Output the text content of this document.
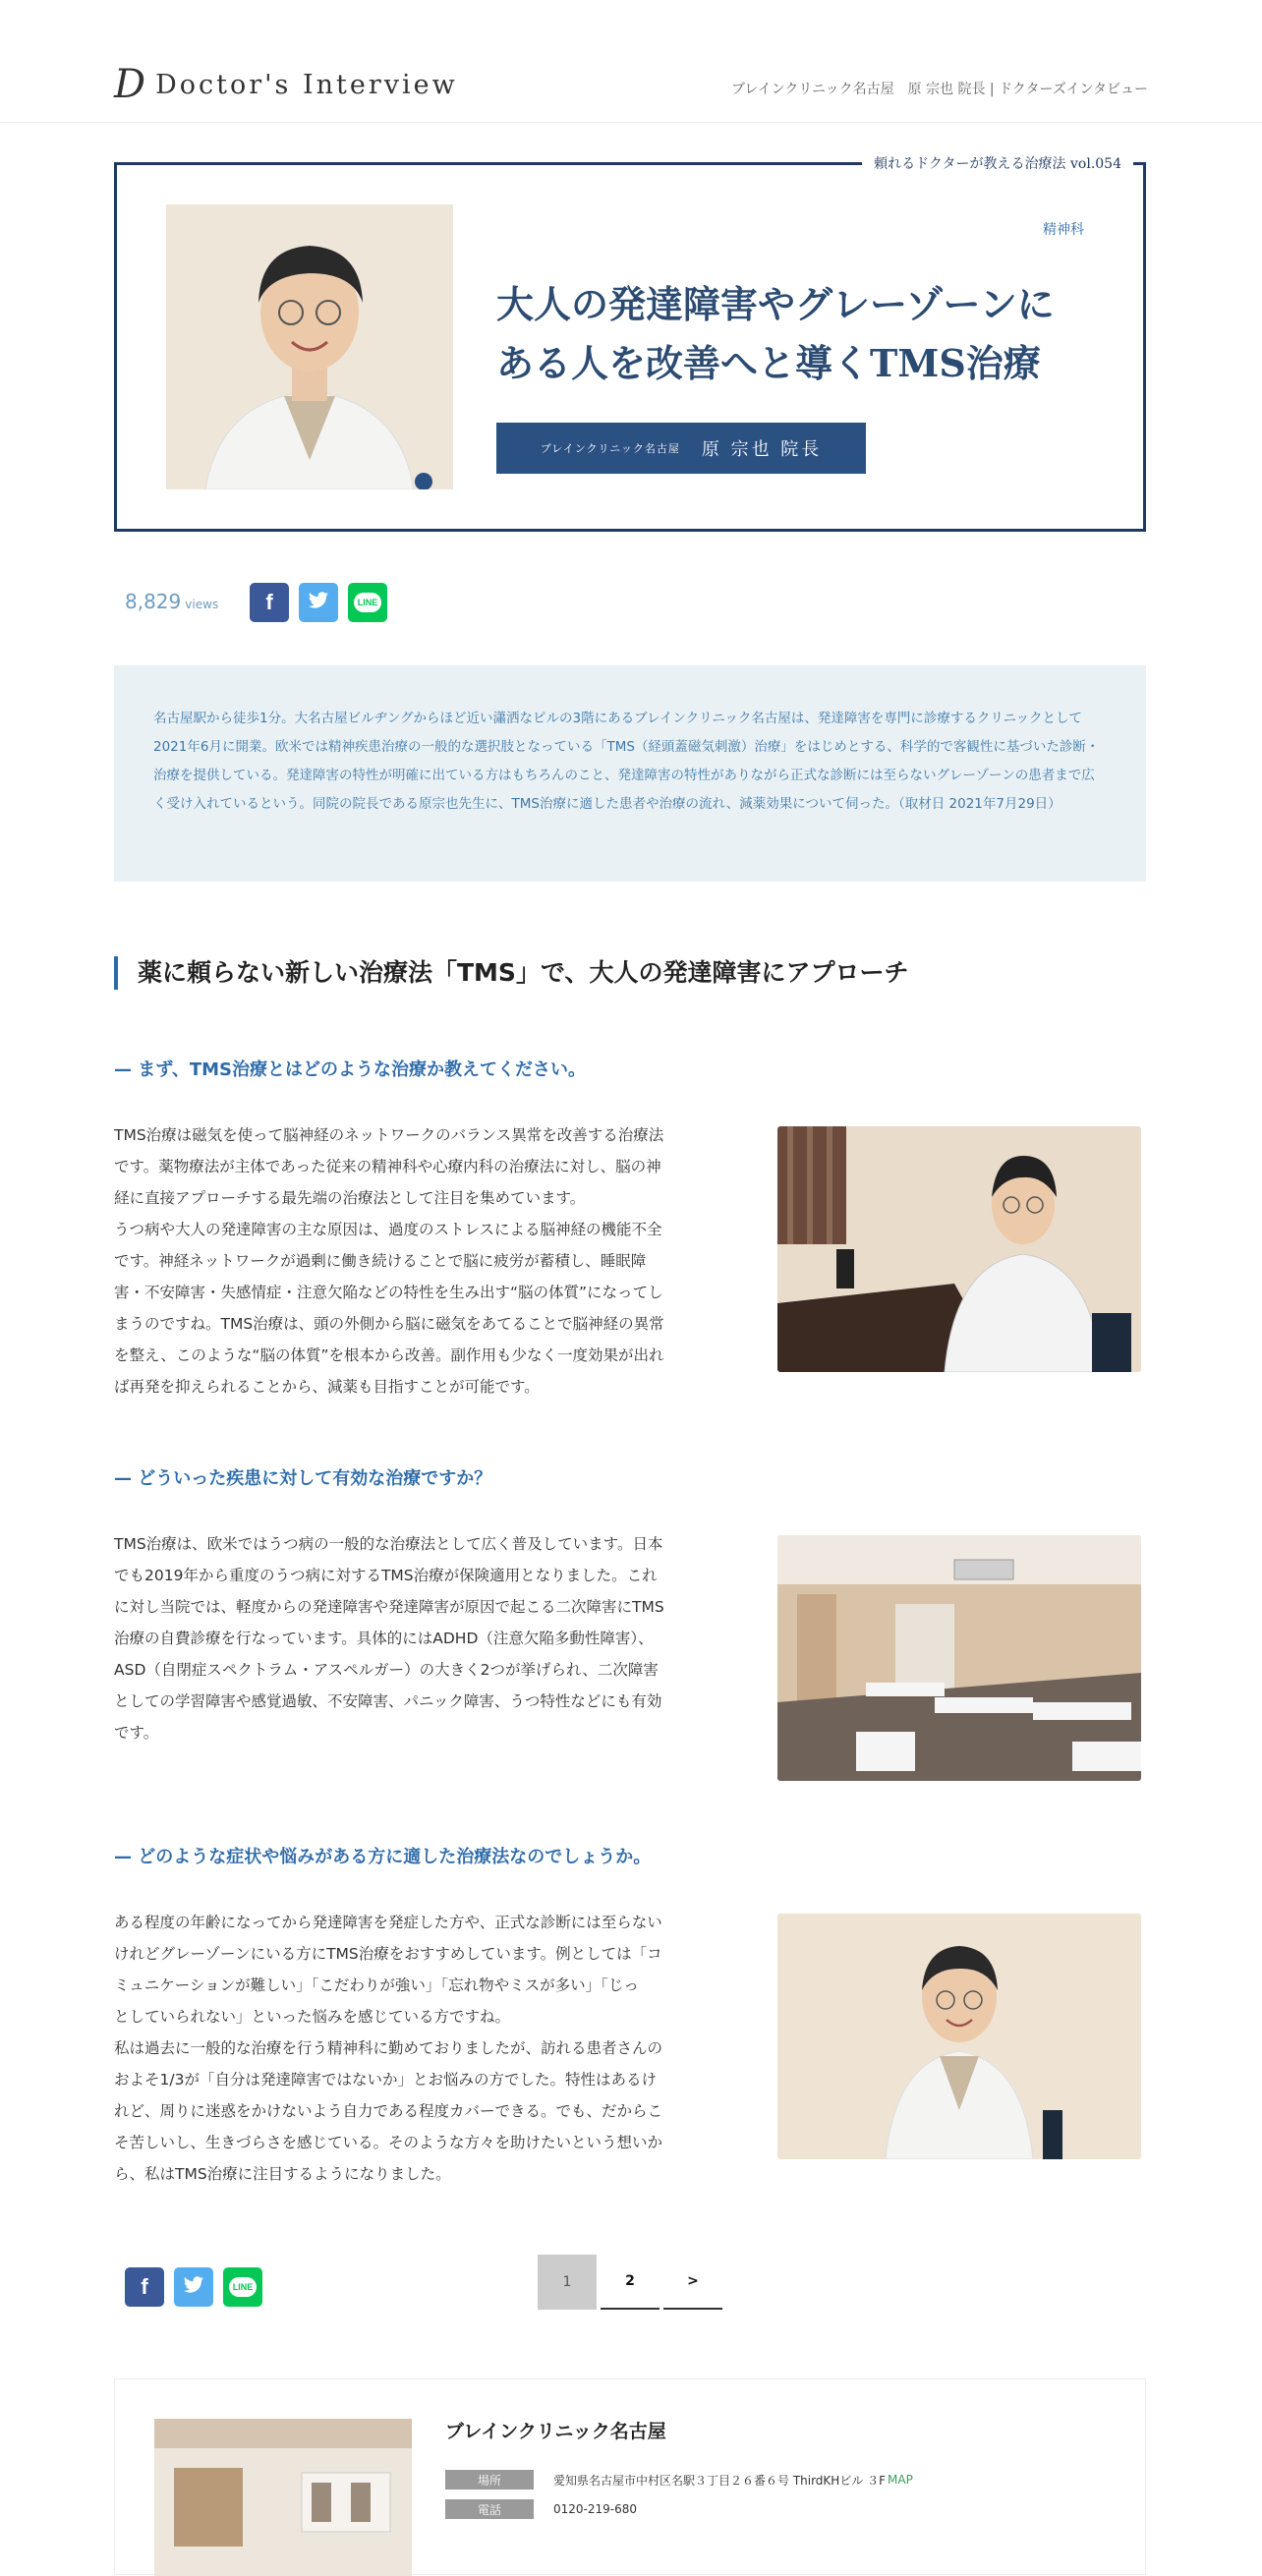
D Doctor's Interview	ブレインクリニック名古屋　原 宗也 院長 | ドクターズインタビュー
頼れるドクターが教える治療法 vol.054
精神科
大人の発達障害やグレーゾーンに
ある人を改善へと導くTMS治療
ブレインクリニック名古屋 原 宗也 院長
8,829 views f	LINE
名古屋駅から徒歩1分。大名古屋ビルヂングからほど近い瀟洒なビルの3階にあるブレインクリニック名古屋は、発達障害を専門に診療するクリニックとして2021年6月に開業。欧米では精神疾患治療の一般的な選択肢となっている「TMS（経頭蓋磁気刺激）治療」をはじめとする、科学的で客観性に基づいた診断・治療を提供している。発達障害の特性が明確に出ている方はもちろんのこと、発達障害の特性がありながら正式な診断には至らないグレーゾーンの患者まで広く受け入れているという。同院の院長である原宗也先生に、TMS治療に適した患者や治療の流れ、減薬効果について伺った。（取材日 2021年7月29日）
薬に頼らない新しい治療法「TMS」で、大人の発達障害にアプローチ
— まず、TMS治療とはどのような治療か教えてください。
TMS治療は磁気を使って脳神経のネットワークのバランス異常を改善する治療法
です。薬物療法が主体であった従来の精神科や心療内科の治療法に対し、脳の神
経に直接アプローチする最先端の治療法として注目を集めています。
うつ病や大人の発達障害の主な原因は、過度のストレスによる脳神経の機能不全
です。神経ネットワークが過剰に働き続けることで脳に疲労が蓄積し、睡眠障
害・不安障害・失感情症・注意欠陥などの特性を生み出す“脳の体質”になってし
まうのですね。TMS治療は、頭の外側から脳に磁気をあてることで脳神経の異常
を整え、このような“脳の体質”を根本から改善。副作用も少なく一度効果が出れ
ば再発を抑えられることから、減薬も目指すことが可能です。
— どういった疾患に対して有効な治療ですか？
TMS治療は、欧米ではうつ病の一般的な治療法として広く普及しています。日本
でも2019年から重度のうつ病に対するTMS治療が保険適用となりました。これ
に対し当院では、軽度からの発達障害や発達障害が原因で起こる二次障害にTMS
治療の自費診療を行なっています。具体的にはADHD（注意欠陥多動性障害）、
ASD（自閉症スペクトラム・アスペルガー）の大きく2つが挙げられ、二次障害
としての学習障害や感覚過敏、不安障害、パニック障害、うつ特性などにも有効
です。
— どのような症状や悩みがある方に適した治療法なのでしょうか。
ある程度の年齢になってから発達障害を発症した方や、正式な診断には至らない
けれどグレーゾーンにいる方にTMS治療をおすすめしています。例としては「コ
ミュニケーションが難しい」「こだわりが強い」「忘れ物やミスが多い」「じっ
としていられない」といった悩みを感じている方ですね。
私は過去に一般的な治療を行う精神科に勤めておりましたが、訪れる患者さんの
およそ1/3が「自分は発達障害ではないか」とお悩みの方でした。特性はあるけ
れど、周りに迷惑をかけないよう自力である程度カバーできる。でも、だからこ
そ苦しいし、生きづらさを感じている。そのような方々を助けたいという想いか
ら、私はTMS治療に注目するようになりました。
f	LINE	1	2	>
ブレインクリニック名古屋
場所	愛知県名古屋市中村区名駅３丁目２６番６号 ThirdKHビル ３F MAP
電話	0120-219-680
